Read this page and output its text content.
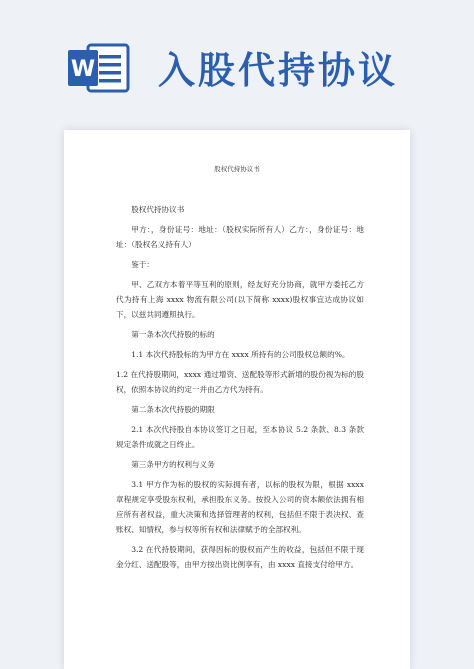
W 入股代持协议
股权代持协议书

股权代持协议书

甲方：，身份证号：地址：（股权实际所有人）乙方：，身份证号：地址：（股权名义持有人）

鉴于：

甲、乙双方本着平等互利的原则，经友好充分协商，就甲方委托乙方代为持有上海 xxxx 物流有限公司(以下简称 xxxx)股权事宜达成协议如下，以兹共同遵照执行。

第一条本次代持股的标的

1.1 本次代持股标的为甲方在 xxxx 所持有的公司股权总额的%。

1.2 在代持股期间，xxxx 通过增资、送配股等形式新增的股份视为标的股权，依照本协议的约定一并由乙方代为持有。

第二条本次代持股的期限

2.1 本次代持股自本协议签订之日起，至本协议 5.2 条款、8.3 条款规定条件成就之日终止。

第三条甲方的权利与义务

3.1 甲方作为标的股权的实际拥有者，以标的股权为限，根据 xxxx 章程规定享受股东权利，承担股东义务。按投入公司的资本额依法拥有相应所有者权益，重大决策和选择管理者的权利，包括但不限于表决权、查账权、知情权，参与权等所有权和法律赋予的全部权利。

3.2 在代持股期间，获得因标的股权而产生的收益，包括但不限于现金分红、送配股等，由甲方按出资比例享有，由 xxxx 直接支付给甲方。
